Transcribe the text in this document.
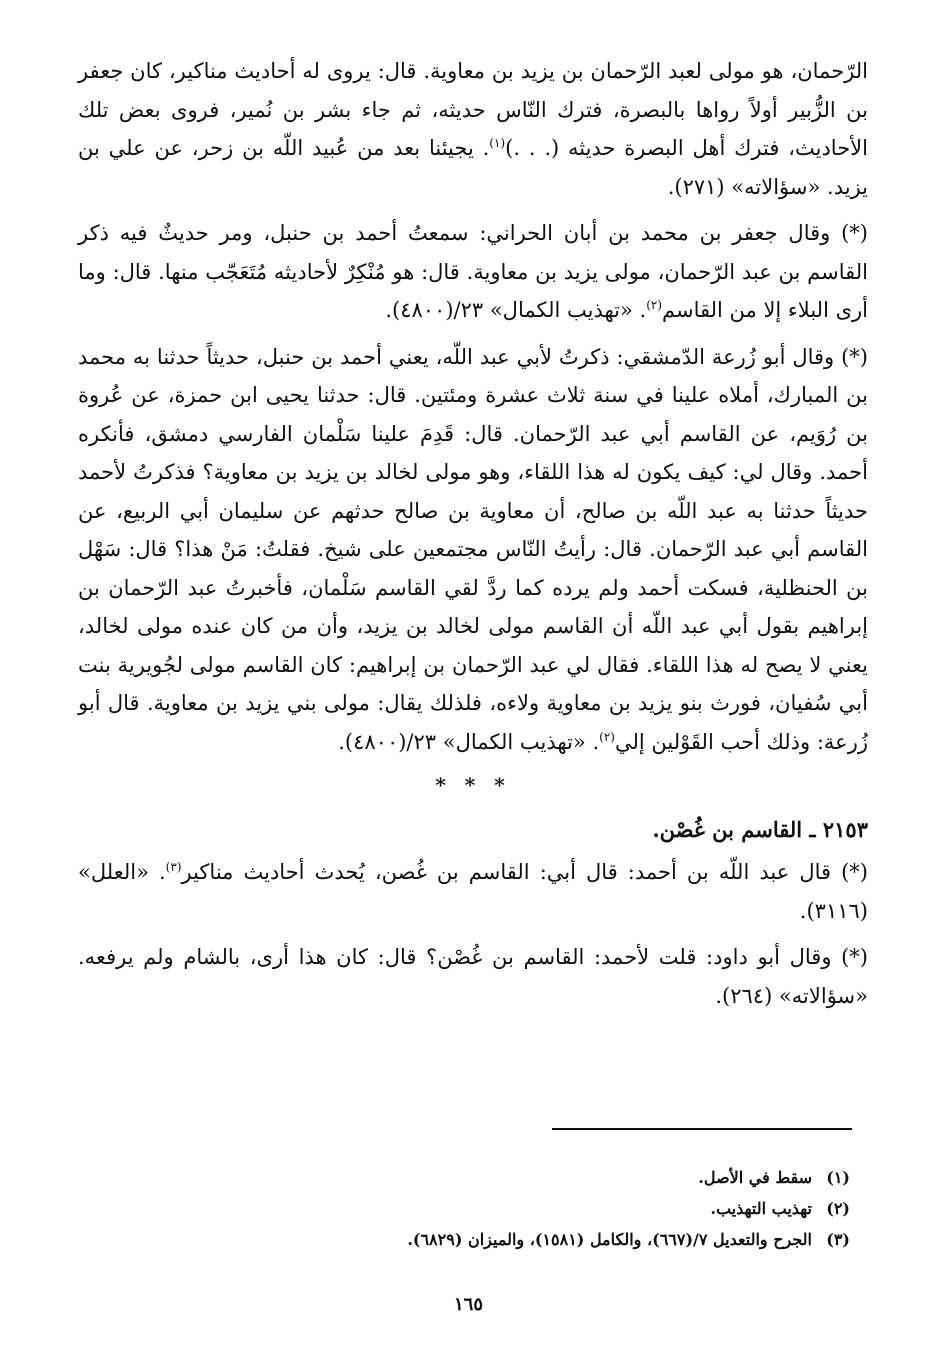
الرّحمان، هو مولى لعبد الرّحمان بن يزيد بن معاوية. قال: يروى له أحاديث مناكير، كان جعفر بن الزُّبير أولاً رواها بالبصرة، فترك النّاس حديثه، ثم جاء بشر بن نُمير، فروى بعض تلك الأحاديث، فترك أهل البصرة حديثه (. . .)$^{(١)}$. يجيئنا بعد من عُبيد اللّه بن زحر، عن علي بن يزيد. «سؤالاته» (٢٧١).

(*) وقال جعفر بن محمد بن أبان الحراني: سمعتُ أحمد بن حنبل، ومر حديثٌ فيه ذكر القاسم بن عبد الرّحمان، مولى يزيد بن معاوية. قال: هو مُنْكِرٌ لأحاديثه مُتَعَجّب منها. قال: وما أرى البلاء إلا من القاسم$^{(٢)}$. «تهذيب الكمال» ٢٣/(٤٨٠٠).

(*) وقال أبو زُرعة الدّمشقي: ذكرتُ لأبي عبد اللّه، يعني أحمد بن حنبل، حديثاً حدثنا به محمد بن المبارك، أملاه علينا في سنة ثلاث عشرة ومئتين. قال: حدثنا يحيى ابن حمزة، عن عُروة بن رُوَيم، عن القاسم أبي عبد الرّحمان. قال: قَدِمَ علينا سَلْمان الفارسي دمشق، فأنكره أحمد. وقال لي: كيف يكون له هذا اللقاء، وهو مولى لخالد بن يزيد بن معاوية؟ فذكرتُ لأحمد حديثاً حدثنا به عبد اللّه بن صالح، أن معاوية بن صالح حدثهم عن سليمان أبي الربيع، عن القاسم أبي عبد الرّحمان. قال: رأيتُ النّاس مجتمعين على شيخ. فقلتُ: مَنْ هذا؟ قال: سَهْل بن الحنظلية، فسكت أحمد ولم يرده كما ردَّ لقي القاسم سَلْمان، فأخبرتُ عبد الرّحمان بن إبراهيم بقول أبي عبد اللّه أن القاسم مولى لخالد بن يزيد، وأن من كان عنده مولى لخالد، يعني لا يصح له هذا اللقاء. فقال لي عبد الرّحمان بن إبراهيم: كان القاسم مولى لجُويرية بنت أبي سُفيان، فورث بنو يزيد بن معاوية ولاءه، فلذلك يقال: مولى بني يزيد بن معاوية. قال أبو زُرعة: وذلك أحب القَوْلين إلي$^{(٢)}$. «تهذيب الكمال» ٢٣/(٤٨٠٠).

* * *
٢١٥٣ ـ القاسم بن غُصْن.

(*) قال عبد اللّه بن أحمد: قال أبي: القاسم بن غُصن، يُحدث أحاديث مناكير$^{(٣)}$. «العلل» (٣١١٦).

(*) وقال أبو داود: قلت لأحمد: القاسم بن غُصْن؟ قال: كان هذا أرى، بالشام ولم يرفعه. «سؤالاته» (٢٦٤).

(١)سقط في الأصل.

(٢)تهذيب التهذيب.

(٣)الجرح والتعديل ٧/(٦٦٧)، والكامل (١٥٨١)، والميزان (٦٨٢٩).

١٦٥
